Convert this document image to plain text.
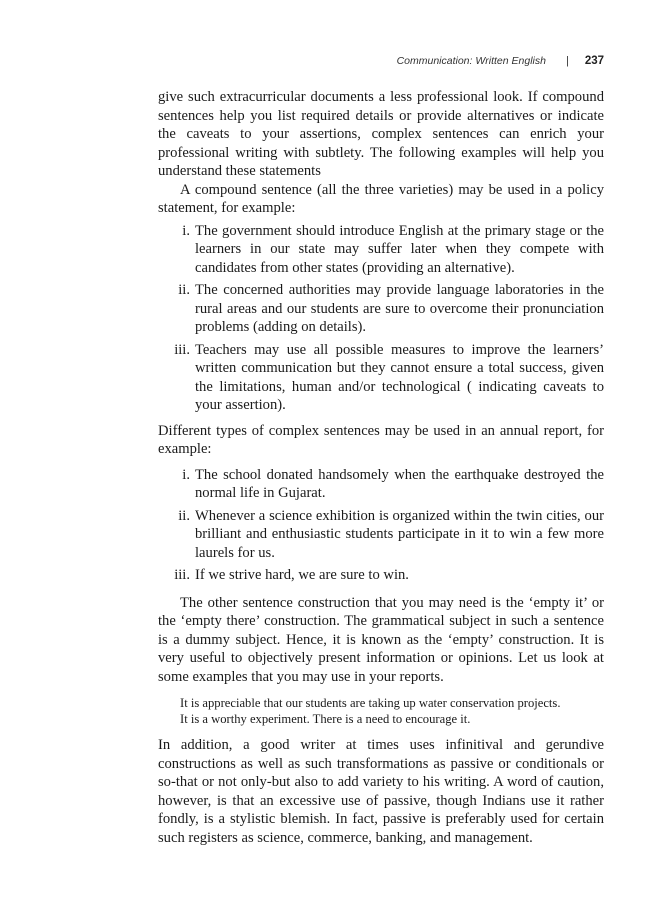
Communication: Written English | 237

give such extracurricular documents a less professional look. If compound sentences help you list required details or provide alternatives or indicate the caveats to your assertions, complex sentences can enrich your professional writing with subtlety. The following examples will help you understand these statements

A compound sentence (all the three varieties) may be used in a policy statement, for example:

i. The government should introduce English at the primary stage or the learners in our state may suffer later when they compete with candidates from other states (providing an alternative).
ii. The concerned authorities may provide language laboratories in the rural areas and our students are sure to overcome their pronunciation problems (adding on details).
iii. Teachers may use all possible measures to improve the learners’ written communication but they cannot ensure a total success, given the limitations, human and/or technological ( indicating caveats to your assertion).

Different types of complex sentences may be used in an annual report, for example:

i. The school donated handsomely when the earthquake destroyed the normal life in Gujarat.
ii. Whenever a science exhibition is organized within the twin cities, our brilliant and enthusiastic students participate in it to win a few more laurels for us.
iii. If we strive hard, we are sure to win.

The other sentence construction that you may need is the ‘empty it’ or the ‘empty there’ construction. The grammatical subject in such a sentence is a dummy subject. Hence, it is known as the ‘empty’ construction. It is very useful to objectively present information or opinions. Let us look at some examples that you may use in your reports.

It is appreciable that our students are taking up water conservation projects.

It is a worthy experiment. There is a need to encourage it.

In addition, a good writer at times uses infinitival and gerundive constructions as well as such transformations as passive or conditionals or so-that or not only-but also to add variety to his writing. A word of caution, however, is that an excessive use of passive, though Indians use it rather fondly, is a stylistic blemish. In fact, passive is preferably used for certain such registers as science, commerce, banking, and management.
